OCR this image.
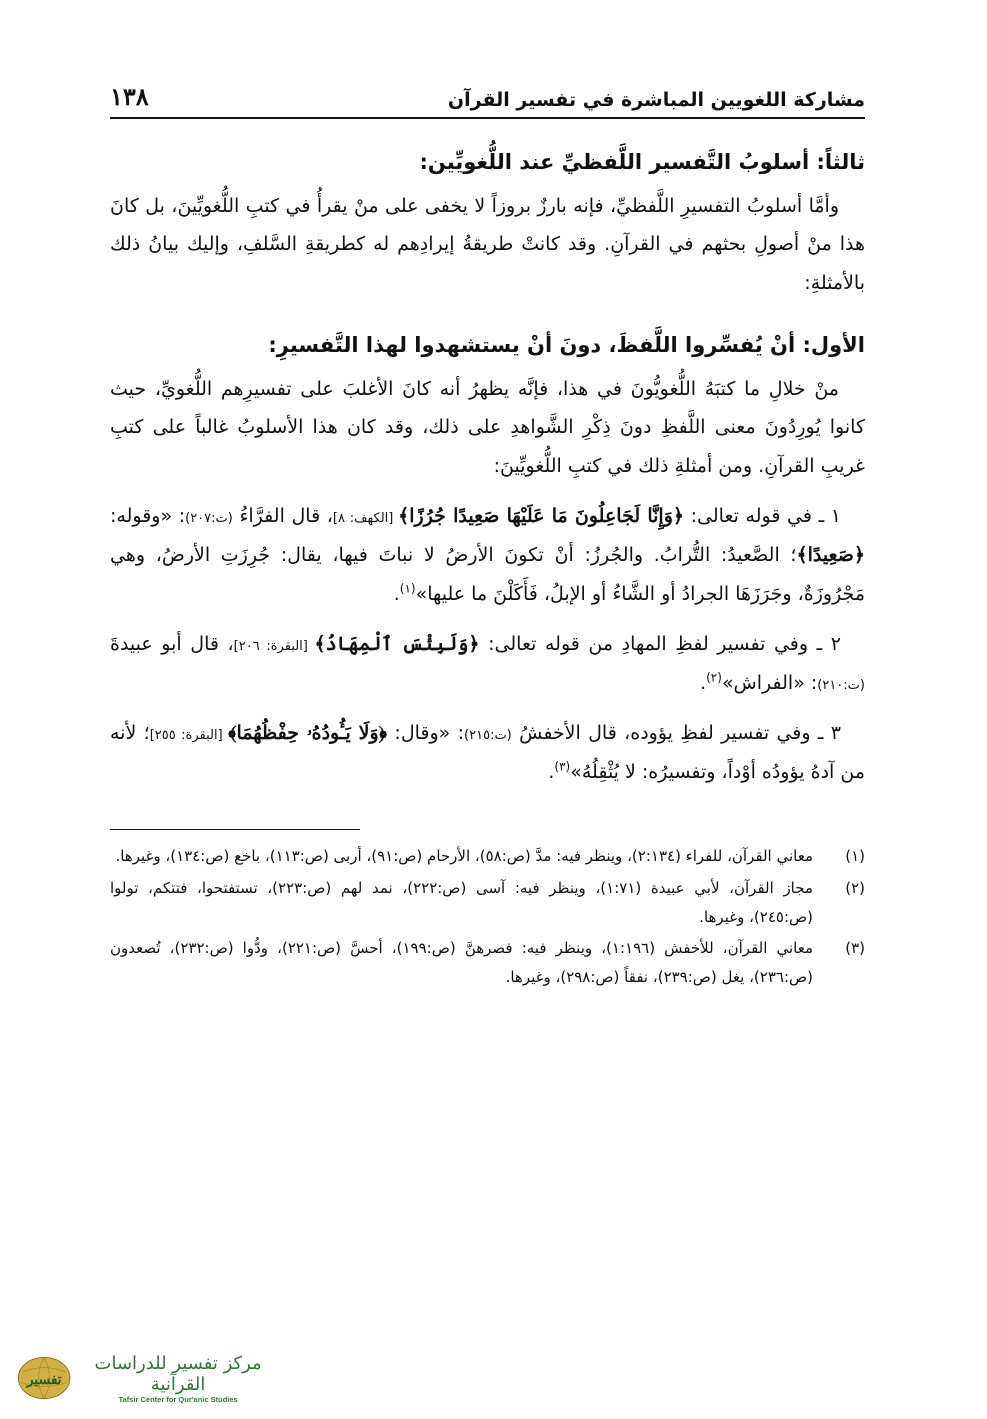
مشاركة اللغويين المباشرة في تفسير القرآن
١٣٨
ثالثاً: أسلوبُ التَّفسير اللَّفظيِّ عند اللُّغويِّين:

وأمَّا أسلوبُ التفسيرِ اللَّفظيِّ، فإنه بارزٌ بروزاً لا يخفى على منْ يقرأُ في كتبِ اللُّغويِّينَ، بل كانَ هذا منْ أصولِ بحثهم في القرآنِ. وقد كانتْ طريقةُ إيرادِهم له كطريقةِ السَّلفِ، وإليك بيانُ ذلك بالأمثلةِ:

الأول: أنْ يُفسِّروا اللَّفظَ، دونَ أنْ يستشهدوا لهذا التَّفسيرِ:

منْ خلالِ ما كتبَهُ اللُّغويُّونَ في هذا، فإنَّه يظهرُ أنه كانَ الأغلبَ على تفسيرِهم اللُّغويِّ، حيث كانوا يُورِدُونَ معنى اللَّفظِ دونَ ذِكْرِ الشَّواهدِ على ذلك، وقد كان هذا الأسلوبُ غالباً على كتبِ غريبِ القرآنِ. ومن أمثلةِ ذلك في كتبِ اللُّغويِّينَ:

١ ـ في قوله تعالى: ﴿وَإِنَّا لَجَاعِلُونَ مَا عَلَيْهَا صَعِيدًا جُرُزًا﴾ [الكهف: ٨]، قال الفرَّاءُ (ت:٢٠٧): «وقوله: ﴿صَعِيدًا﴾؛ الصَّعيدُ: التُّرابُ. والجُرزُ: أنْ تكونَ الأرضُ لا نباتَ فيها، يقال: جُرِزَتِ الأرضُ، وهي مَجْرُوزَةٌ، وجَرَزَهَا الجرادُ أو الشَّاءُ أو الإبلُ، فَأَكَلْنَ ما عليها»$^{(١)}$.

٢ ـ وفي تفسير لفظِ المهادِ من قوله تعالى: ﴿وَلَبِئْسَ ٱلْمِهَادُ﴾ [البقرة: ٢٠٦]، قال أبو عبيدةَ (ت:٢١٠): «الفراش»$^{(٢)}$.

٣ ـ وفي تفسير لفظِ يؤوده، قال الأخفشُ (ت:٢١٥): «وقال: ﴿وَلَا يَـُٔودُهُۥ حِفْظُهُمَا﴾ [البقرة: ٢٥٥]؛ لأنه من آدهُ يؤودُه أوْداً، وتفسيرُه: لا يُثْقِلُهُ»$^{(٣)}$.

(١)
معاني القرآن، للفراء (٢:١٣٤)، وينظر فيه: مدَّ (ص:٥٨)، الأرحام (ص:٩١)، أربى (ص:١١٣)، باخع (ص:١٣٤)، وغيرها.
(٢)
مجاز القرآن، لأبي عبيدة (١:٧١)، وينظر فيه: آسى (ص:٢٢٢)، نمد لهم (ص:٢٢٣)، تستفتحوا، فتتكم، تولوا (ص:٢٤٥)، وغيرها.
(٣)
معاني القرآن، للأخفش (١:١٩٦)، وينظر فيه: فصرهنَّ (ص:١٩٩)، أحسَّ (ص:٢٢١)، ودُّوا (ص:٢٣٢)، تُصعدون (ص:٢٣٦)، يغل (ص:٢٣٩)، نفقاً (ص:٢٩٨)، وغيرها.
تفسير
مركز تفسير للدراسات القرآنية
Tafsir Center for Qur'anic Studies
